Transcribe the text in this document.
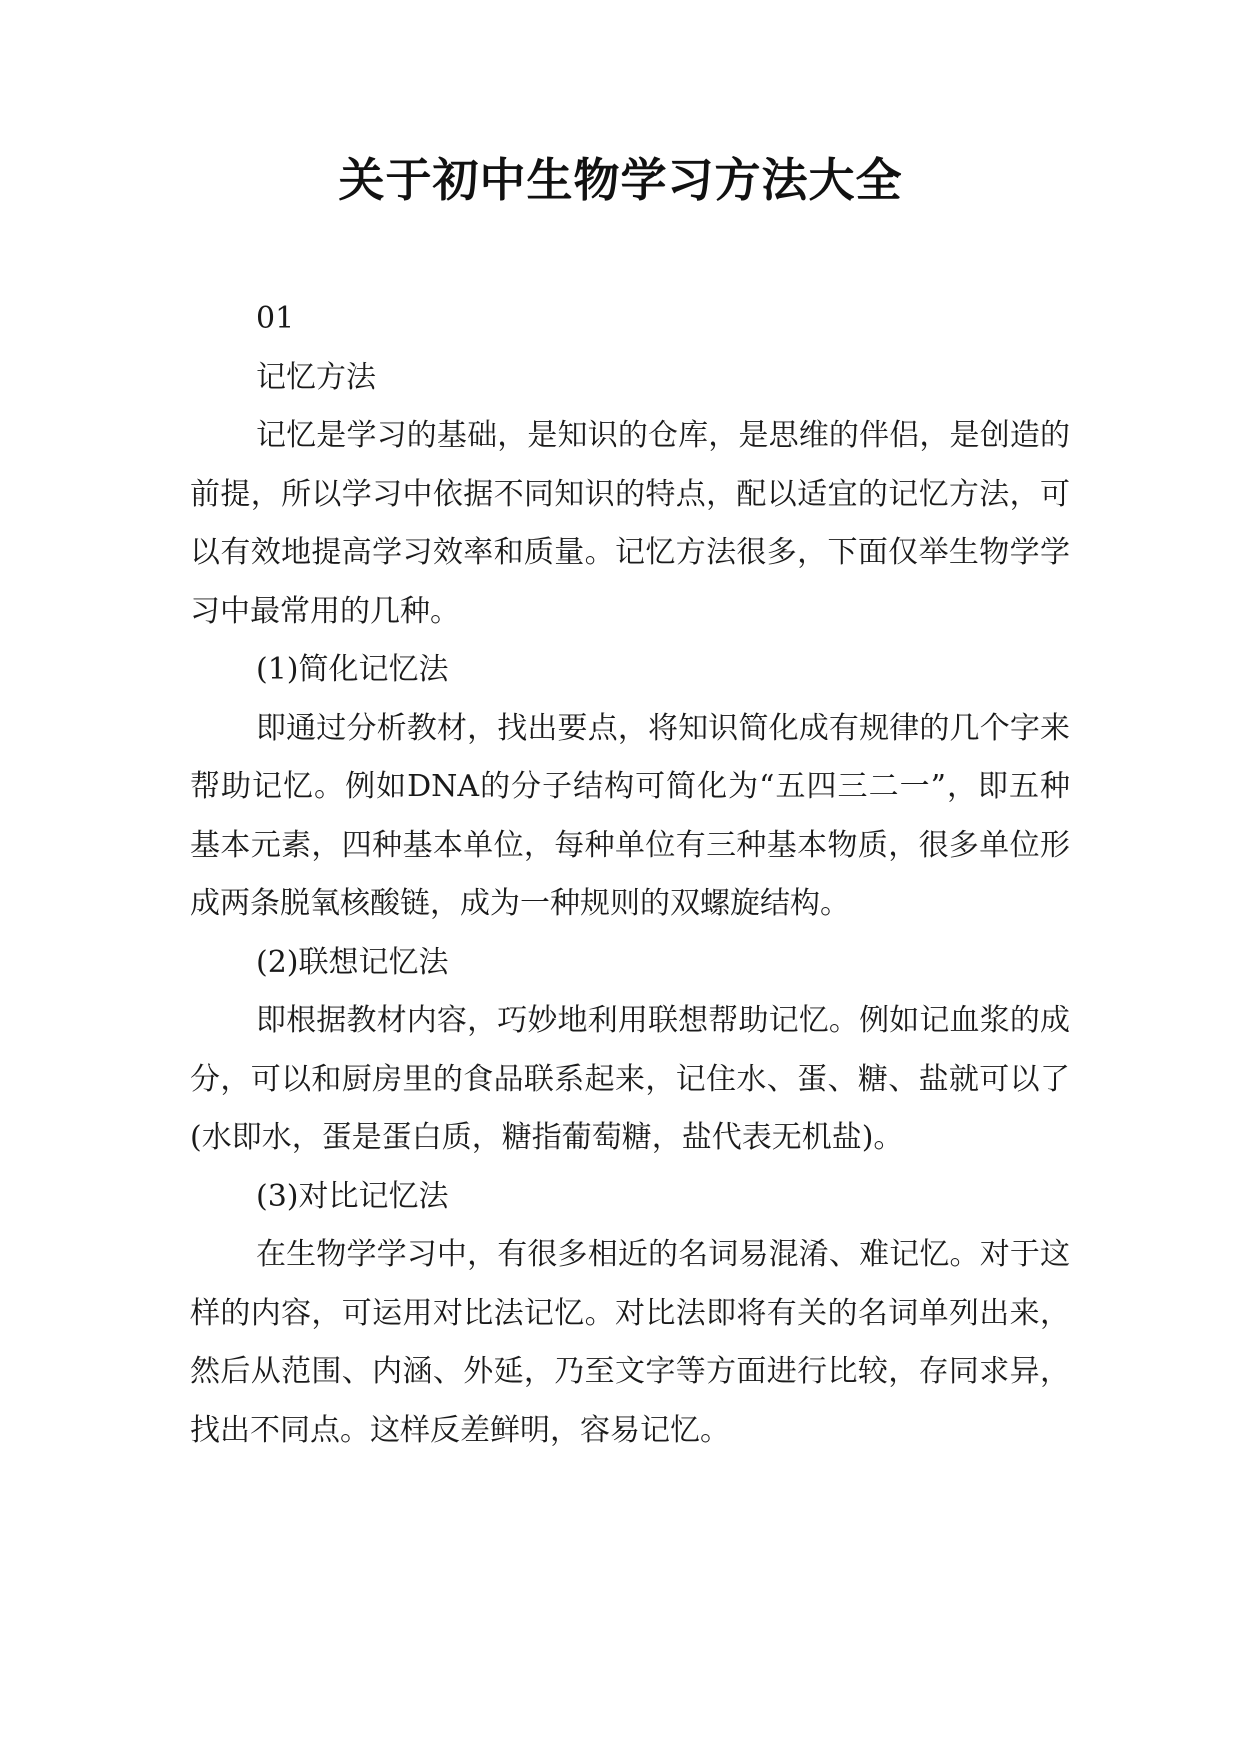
关于初中生物学习方法大全

01

记忆方法

记忆是学习的基础，是知识的仓库，是思维的伴侣，是创造的前提，所以学习中依据不同知识的特点，配以适宜的记忆方法，可以有效地提高学习效率和质量。记忆方法很多，下面仅举生物学学习中最常用的几种。

(1)简化记忆法

即通过分析教材，找出要点，将知识简化成有规律的几个字来帮助记忆。例如DNA的分子结构可简化为“五四三二一”，即五种基本元素，四种基本单位，每种单位有三种基本物质，很多单位形成两条脱氧核酸链，成为一种规则的双螺旋结构。

(2)联想记忆法

即根据教材内容，巧妙地利用联想帮助记忆。例如记血浆的成分，可以和厨房里的食品联系起来，记住水、蛋、糖、盐就可以了(水即水，蛋是蛋白质，糖指葡萄糖，盐代表无机盐)。

(3)对比记忆法

在生物学学习中，有很多相近的名词易混淆、难记忆。对于这样的内容，可运用对比法记忆。对比法即将有关的名词单列出来，然后从范围、内涵、外延，乃至文字等方面进行比较，存同求异，找出不同点。这样反差鲜明，容易记忆。
